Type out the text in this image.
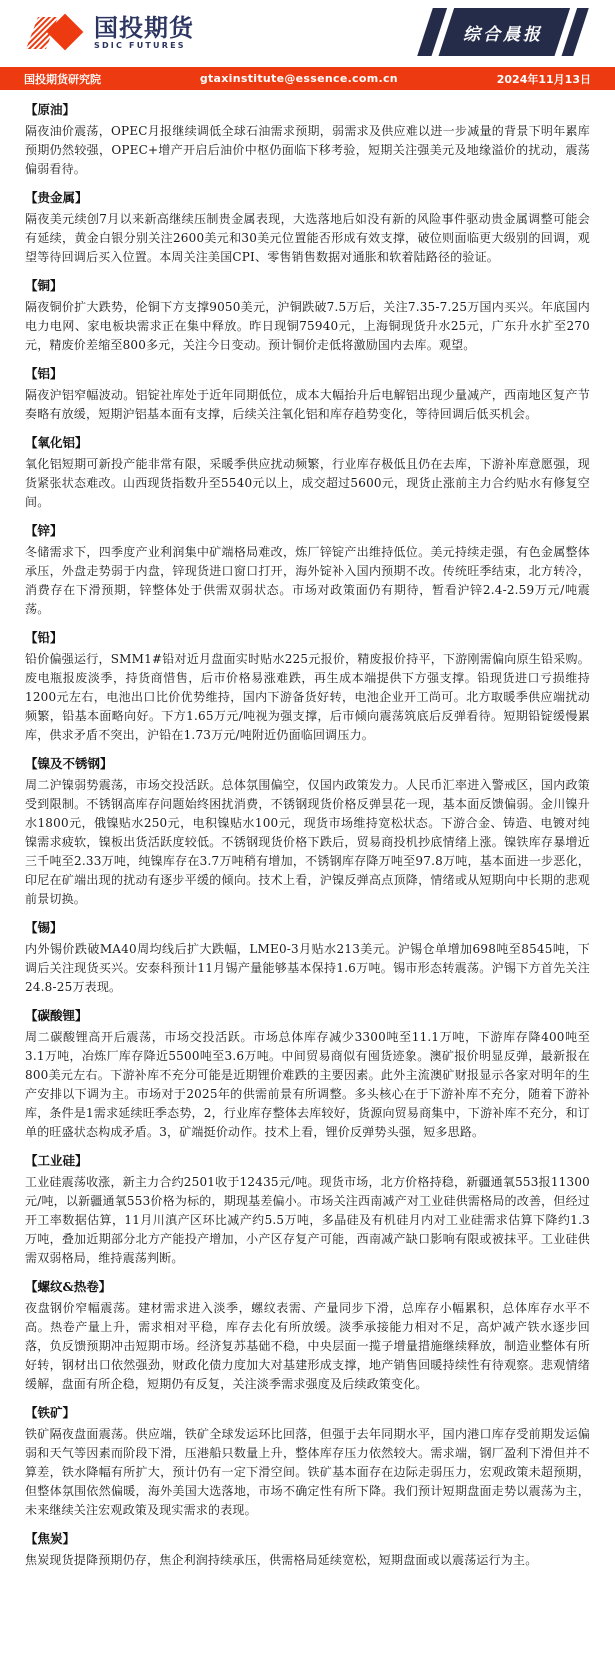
国投期货
SDIC FUTURES
综合晨报
国投期货研究院	gtaxinstitute@essence.com.cn	2024年11月13日
【原油】

隔夜油价震荡，OPEC月报继续调低全球石油需求预期，弱需求及供应难以进一步减量的背景下明年累库预期仍然较强，OPEC+增产开启后油价中枢仍面临下移考验，短期关注强美元及地缘溢价的扰动，震荡偏弱看待。

【贵金属】

隔夜美元续创7月以来新高继续压制贵金属表现，大选落地后如没有新的风险事件驱动贵金属调整可能会有延续，黄金白银分别关注2600美元和30美元位置能否形成有效支撑，破位则面临更大级别的回调，观望等待回调后买入位置。本周关注美国CPI、零售销售数据对通胀和软着陆路径的验证。

【铜】

隔夜铜价扩大跌势，伦铜下方支撑9050美元，沪铜跌破7.5万后，关注7.35-7.25万国内买兴。年底国内电力电网、家电板块需求正在集中释放。昨日现铜75940元，上海铜现货升水25元，广东升水扩至270元，精废价差缩至800多元，关注今日变动。预计铜价走低将激励国内去库。观望。

【铝】

隔夜沪铝窄幅波动。铝锭社库处于近年同期低位，成本大幅抬升后电解铝出现少量减产，西南地区复产节奏略有放缓，短期沪铝基本面有支撑，后续关注氧化铝和库存趋势变化，等待回调后低买机会。

【氧化铝】

氧化铝短期可新投产能非常有限，采暖季供应扰动频繁，行业库存极低且仍在去库，下游补库意愿强，现货紧张状态难改。山西现货指数升至5540元以上，成交超过5600元，现货止涨前主力合约贴水有修复空间。

【锌】

冬储需求下，四季度产业利润集中矿端格局难改，炼厂锌锭产出维持低位。美元持续走强，有色金属整体承压，外盘走势弱于内盘，锌现货进口窗口打开，海外锭补入国内预期不改。传统旺季结束，北方转冷，消费存在下滑预期，锌整体处于供需双弱状态。市场对政策面仍有期待，暂看沪锌2.4-2.59万元/吨震荡。

【铅】

铅价偏强运行，SMM1#铅对近月盘面实时贴水225元报价，精废报价持平，下游刚需偏向原生铅采购。废电瓶报废淡季，持货商惜售，后市价格易涨难跌，再生成本端提供下方强支撑。铅现货进口亏损维持1200元左右，电池出口比价优势维持，国内下游备货好转，电池企业开工尚可。北方取暖季供应端扰动频繁，铅基本面略向好。下方1.65万元/吨视为强支撑，后市倾向震荡筑底后反弹看待。短期铅锭缓慢累库，供求矛盾不突出，沪铅在1.73万元/吨附近仍面临回调压力。

【镍及不锈钢】

周二沪镍弱势震荡，市场交投活跃。总体氛围偏空，仅国内政策发力。人民币汇率进入警戒区，国内政策受到限制。不锈钢高库存问题始终困扰消费，不锈钢现货价格反弹昙花一现，基本面反馈偏弱。金川镍升水1800元，俄镍贴水250元，电积镍贴水100元，现货市场维持宽松状态。下游合金、铸造、电镀对纯镍需求疲软，镍板出货活跃度较低。不锈钢现货价格下跌后，贸易商投机抄底情绪上涨。镍铁库存暴增近三千吨至2.33万吨，纯镍库存在3.7万吨稍有增加，不锈钢库存降万吨至97.8万吨，基本面进一步恶化，印尼在矿端出现的扰动有逐步平缓的倾向。技术上看，沪镍反弹高点顶降，情绪或从短期向中长期的悲观前景切换。

【锡】

内外锡价跌破MA40周均线后扩大跌幅，LME0-3月贴水213美元。沪锡仓单增加698吨至8545吨，下调后关注现货买兴。安泰科预计11月锡产量能够基本保持1.6万吨。锡市形态转震荡。沪锡下方首先关注24.8-25万表现。

【碳酸锂】

周二碳酸锂高开后震荡，市场交投活跃。市场总体库存减少3300吨至11.1万吨，下游库存降400吨至3.1万吨，冶炼厂库存降近5500吨至3.6万吨。中间贸易商似有囤货迹象。澳矿报价明显反弹，最新报在800美元左右。下游补库不充分可能是近期锂价难跌的主要因素。此外主流澳矿财报显示各家对明年的生产安排以下调为主。市场对于2025年的供需前景有所调整。多头核心在于下游补库不充分，随着下游补库，条件是1需求延续旺季态势，2，行业库存整体去库较好，货源向贸易商集中，下游补库不充分，和订单的旺盛状态构成矛盾。3，矿端挺价动作。技术上看，锂价反弹势头强，短多思路。

【工业硅】

工业硅震荡收涨，新主力合约2501收于12435元/吨。现货市场，北方价格持稳，新疆通氧553报11300元/吨，以新疆通氧553价格为标的，期现基差偏小。市场关注西南减产对工业硅供需格局的改善，但经过开工率数据估算，11月川滇产区环比减产约5.5万吨，多晶硅及有机硅月内对工业硅需求估算下降约1.3万吨，叠加近期部分北方产能投产增加，小产区存复产可能，西南减产缺口影响有限或被抹平。工业硅供需双弱格局，维持震荡判断。

【螺纹&热卷】

夜盘钢价窄幅震荡。建材需求进入淡季，螺纹表需、产量同步下滑，总库存小幅累积，总体库存水平不高。热卷产量上升，需求相对平稳，库存去化有所放缓。淡季承接能力相对不足，高炉减产铁水逐步回落，负反馈预期冲击短期市场。经济复苏基础不稳，中央层面一揽子增量措施继续释放，制造业整体有所好转，钢材出口依然强劲，财政化债力度加大对基建形成支撑，地产销售回暖持续性有待观察。悲观情绪缓解，盘面有所企稳，短期仍有反复，关注淡季需求强度及后续政策变化。

【铁矿】

铁矿隔夜盘面震荡。供应端，铁矿全球发运环比回落，但强于去年同期水平，国内港口库存受前期发运偏弱和天气等因素而阶段下滑，压港船只数量上升，整体库存压力依然较大。需求端，钢厂盈利下滑但并不算差，铁水降幅有所扩大，预计仍有一定下滑空间。铁矿基本面存在边际走弱压力，宏观政策未超预期，但整体氛围依然偏暖，海外美国大选落地，市场不确定性有所下降。我们预计短期盘面走势以震荡为主，未来继续关注宏观政策及现实需求的表现。

【焦炭】

焦炭现货提降预期仍存，焦企利润持续承压，供需格局延续宽松，短期盘面或以震荡运行为主。
